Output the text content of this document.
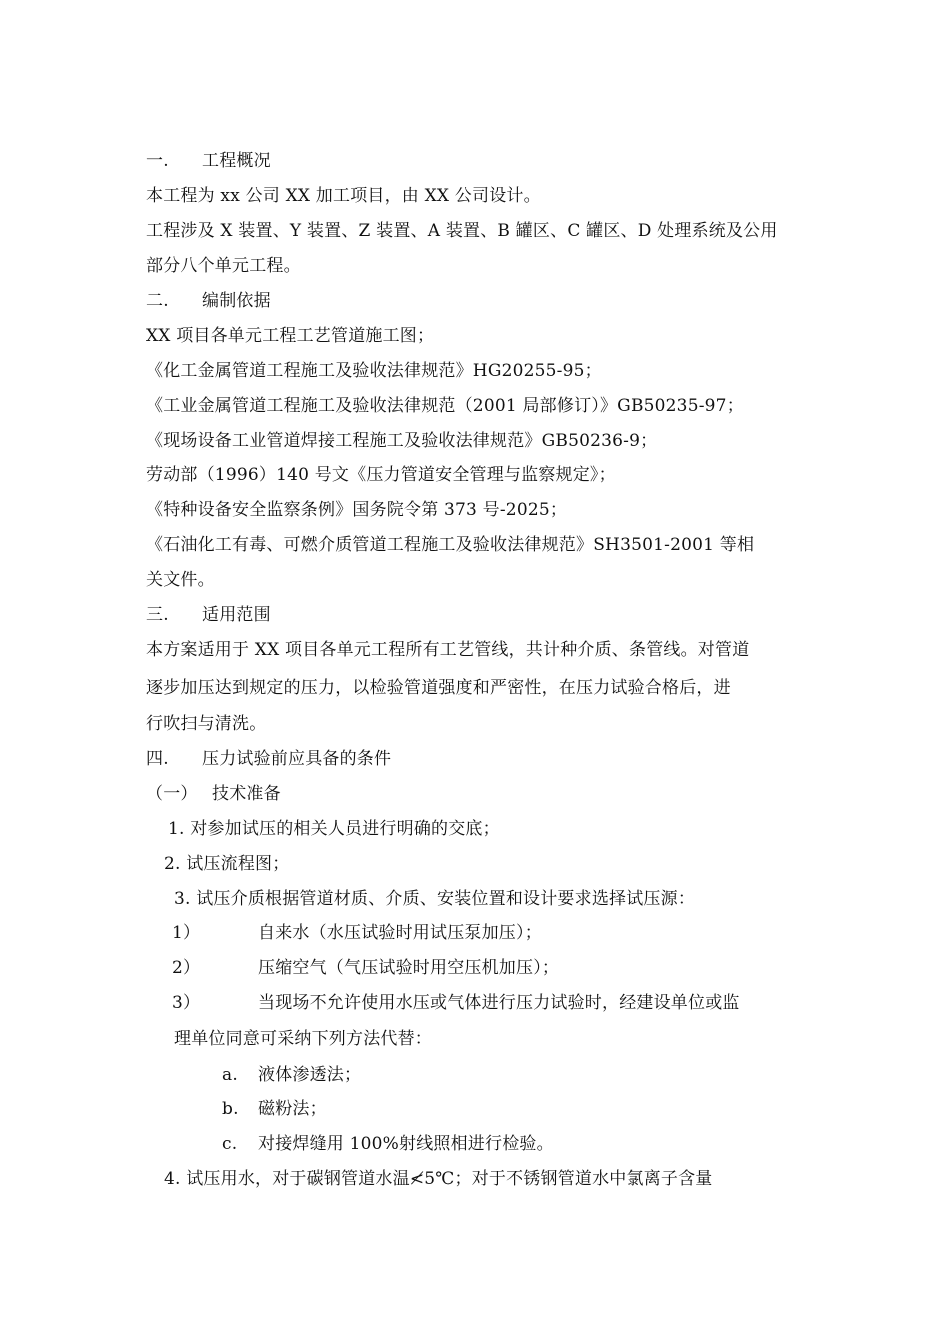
一. 工程概况
本工程为 xx 公司 XX 加工项目，由 XX 公司设计。
工程涉及 X 装置、Y 装置、Z 装置、A 装置、B 罐区、C 罐区、D 处理系统及公用
部分八个单元工程。
二. 编制依据
XX 项目各单元工程工艺管道施工图；
《化工金属管道工程施工及验收法律规范》HG20255-95；
《工业金属管道工程施工及验收法律规范（2001 局部修订）》GB50235-97；
《现场设备工业管道焊接工程施工及验收法律规范》GB50236-9；
劳动部（1996）140 号文《压力管道安全管理与监察规定》；
《特种设备安全监察条例》国务院令第 373 号-2025；
《石油化工有毒、可燃介质管道工程施工及验收法律规范》SH3501-2001 等相
关文件。
三. 适用范围
本方案适用于 XX 项目各单元工程所有工艺管线，共计种介质、条管线。对管道
逐步加压达到规定的压力，以检验管道强度和严密性，在压力试验合格后，进
行吹扫与清洗。
四. 压力试验前应具备的条件
（一） 技术准备
1. 对参加试压的相关人员进行明确的交底；
2. 试压流程图；
3. 试压介质根据管道材质、介质、安装位置和设计要求选择试压源：
1）	自来水（水压试验时用试压泵加压）；
2）	压缩空气（气压试验时用空压机加压）；
3）	当现场不允许使用水压或气体进行压力试验时，经建设单位或监
理单位同意可采纳下列方法代替：
a. 液体渗透法；
b. 磁粉法；
c. 对接焊缝用 100%射线照相进行检验。
4. 试压用水，对于碳钢管道水温≮5℃；对于不锈钢管道水中氯离子含量
